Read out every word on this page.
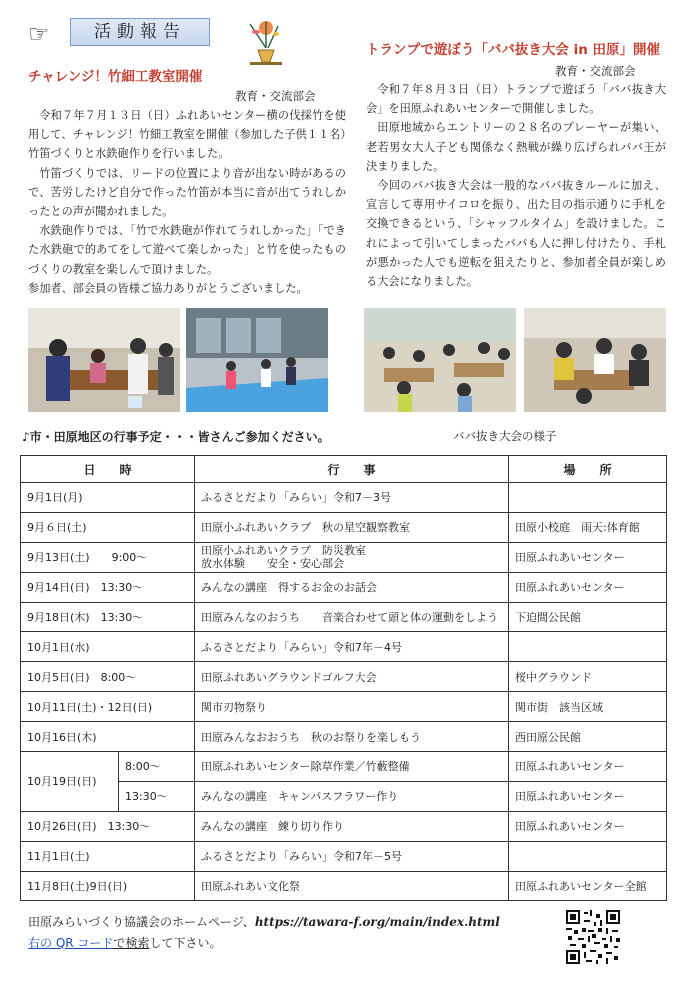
☞	活動報告
チャレンジ！竹細工教室開催
教育・交流部会

令和７年７月１３日（日）ふれあいセンター横の伐採竹を使用して、チャレンジ！竹細工教室を開催（参加した子供１１名）竹笛づくりと水鉄砲作りを行いました。

竹笛づくりでは、リードの位置により音が出ない時があるので、苦労したけど自分で作った竹笛が本当に音が出てうれしかったとの声が聞かれました。

水鉄砲作りでは、「竹で水鉄砲が作れてうれしかった」「できた水鉄砲で的あてをして遊べて楽しかった」と竹を使ったものづくりの教室を楽しんで頂けました。

参加者、部会員の皆様ご協力ありがとうございました。

トランプで遊ぼう「ババ抜き大会 in 田原」開催
教育・交流部会

令和７年８月３日（日）トランプで遊ぼう「ババ抜き大会」を田原ふれあいセンターで開催しました。

田原地域からエントリーの２８名のプレーヤーが集い、老若男女大人子ども関係なく熱戦が繰り広げられババ王が決まりました。

今回のババ抜き大会は一般的なババ抜きルールに加え、宣言して専用サイコロを振り、出た目の指示通りに手札を交換できるという、「シャッフルタイム」を設けました。これによって引いてしまったババも人に押し付けたり、手札が悪かった人でも逆転を狙えたりと、参加者全員が楽しめる大会になりました。

♪市・田原地区の行事予定・・・皆さんご参加ください。	ババ抜き大会の様子
日　　時		行　　事	場　　所
9月1日(月)		ふるさとだより「みらい」令和7－3号	
9月６日(土)		田原小ふれあいクラブ　秋の星空観察教室	田原小校庭　雨天:体育館
9月13日(土)　　9:00〜		田原小ふれあいクラブ　防災教室
放水体験　　安全・安心部会	田原ふれあいセンター
9月14日(日)　13:30〜		みんなの講座　得するお金のお話会	田原ふれあいセンター
9月18日(木)　13:30〜		田原みんなのおうち　　音楽合わせて頭と体の運動をしよう	下迫間公民館
10月1日(水)		ふるさとだより「みらい」令和7年－4号	
10月5日(日)　8:00〜		田原ふれあいグラウンドゴルフ大会	桜中グラウンド
10月11日(土)・12日(日)		関市刃物祭り	関市街　該当区域
10月16日(木)		田原みんなおおうち　秋のお祭りを楽しもう	西田原公民館
10月19日(日)	8:00〜	田原ふれあいセンター除草作業／竹藪整備	田原ふれあいセンター
	13:30〜	みんなの講座　キャンパスフラワー作り	田原ふれあいセンター
10月26日(日)　13:30〜		みんなの講座　練り切り作り	田原ふれあいセンター
11月1日(土)		ふるさとだより「みらい」令和7年－5号	
11月8日(土)9日(日)		田原ふれあい文化祭	田原ふれあいセンター全館
田原みらいづくり協議会のホームページ、https://tawara-f.org/main/index.html
右の QR コードで検索して下さい。
